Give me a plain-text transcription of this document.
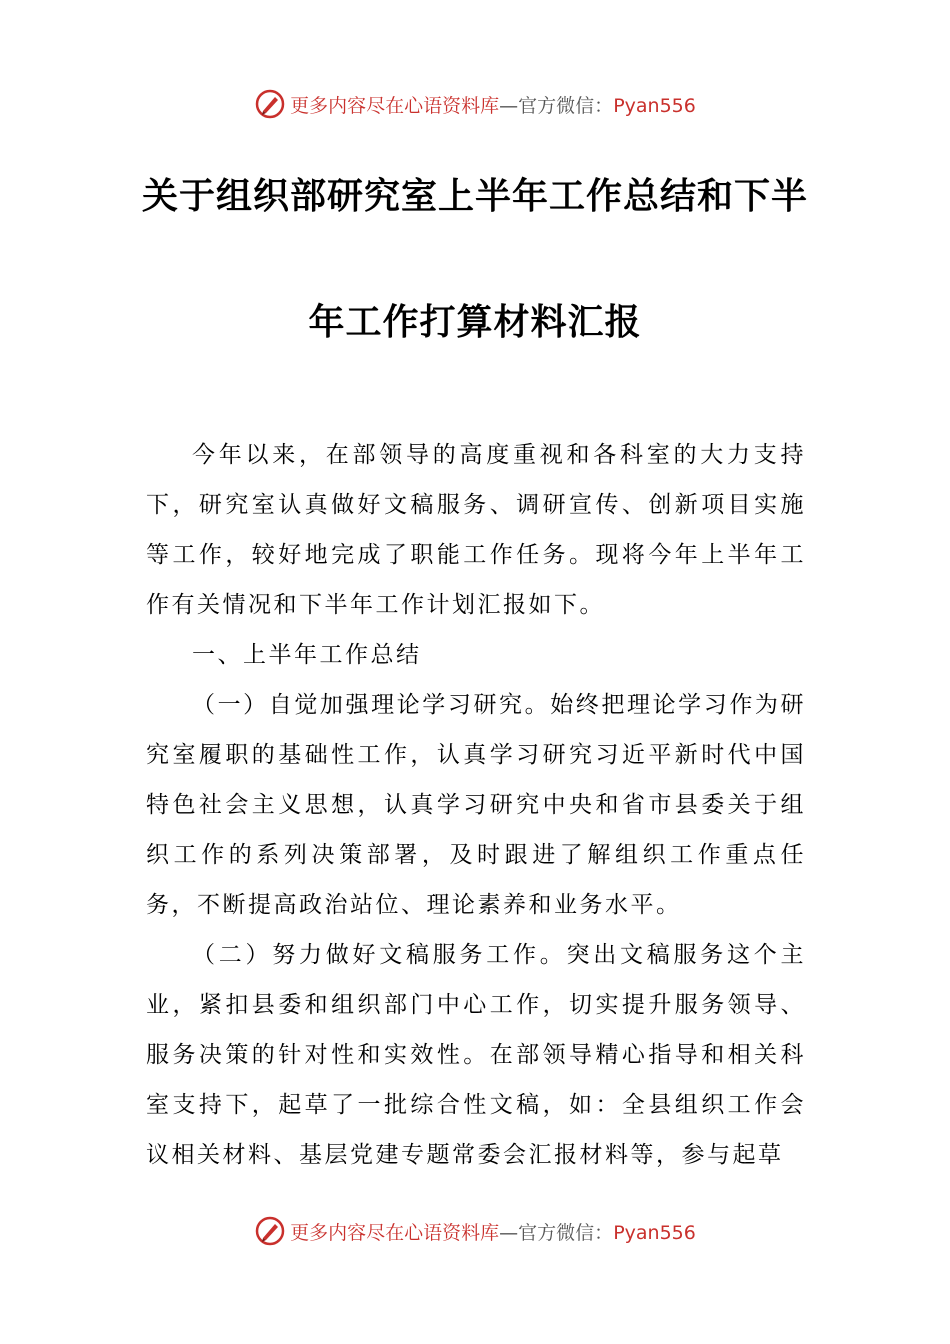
更多内容尽在心语资料库—官方微信：Pyan556
关于组织部研究室上半年工作总结和下半
年工作打算材料汇报

今年以来，在部领导的高度重视和各科室的大力支持下，研究室认真做好文稿服务、调研宣传、创新项目实施等工作，较好地完成了职能工作任务。现将今年上半年工作有关情况和下半年工作计划汇报如下。

一、上半年工作总结

（一）自觉加强理论学习研究。始终把理论学习作为研究室履职的基础性工作，认真学习研究习近平新时代中国特色社会主义思想，认真学习研究中央和省市县委关于组织工作的系列决策部署，及时跟进了解组织工作重点任务，不断提高政治站位、理论素养和业务水平。

（二）努力做好文稿服务工作。突出文稿服务这个主业，紧扣县委和组织部门中心工作，切实提升服务领导、服务决策的针对性和实效性。在部领导精心指导和相关科室支持下，起草了一批综合性文稿，如：全县组织工作会议相关材料、基层党建专题常委会汇报材料等，参与起草

更多内容尽在心语资料库—官方微信：Pyan556
